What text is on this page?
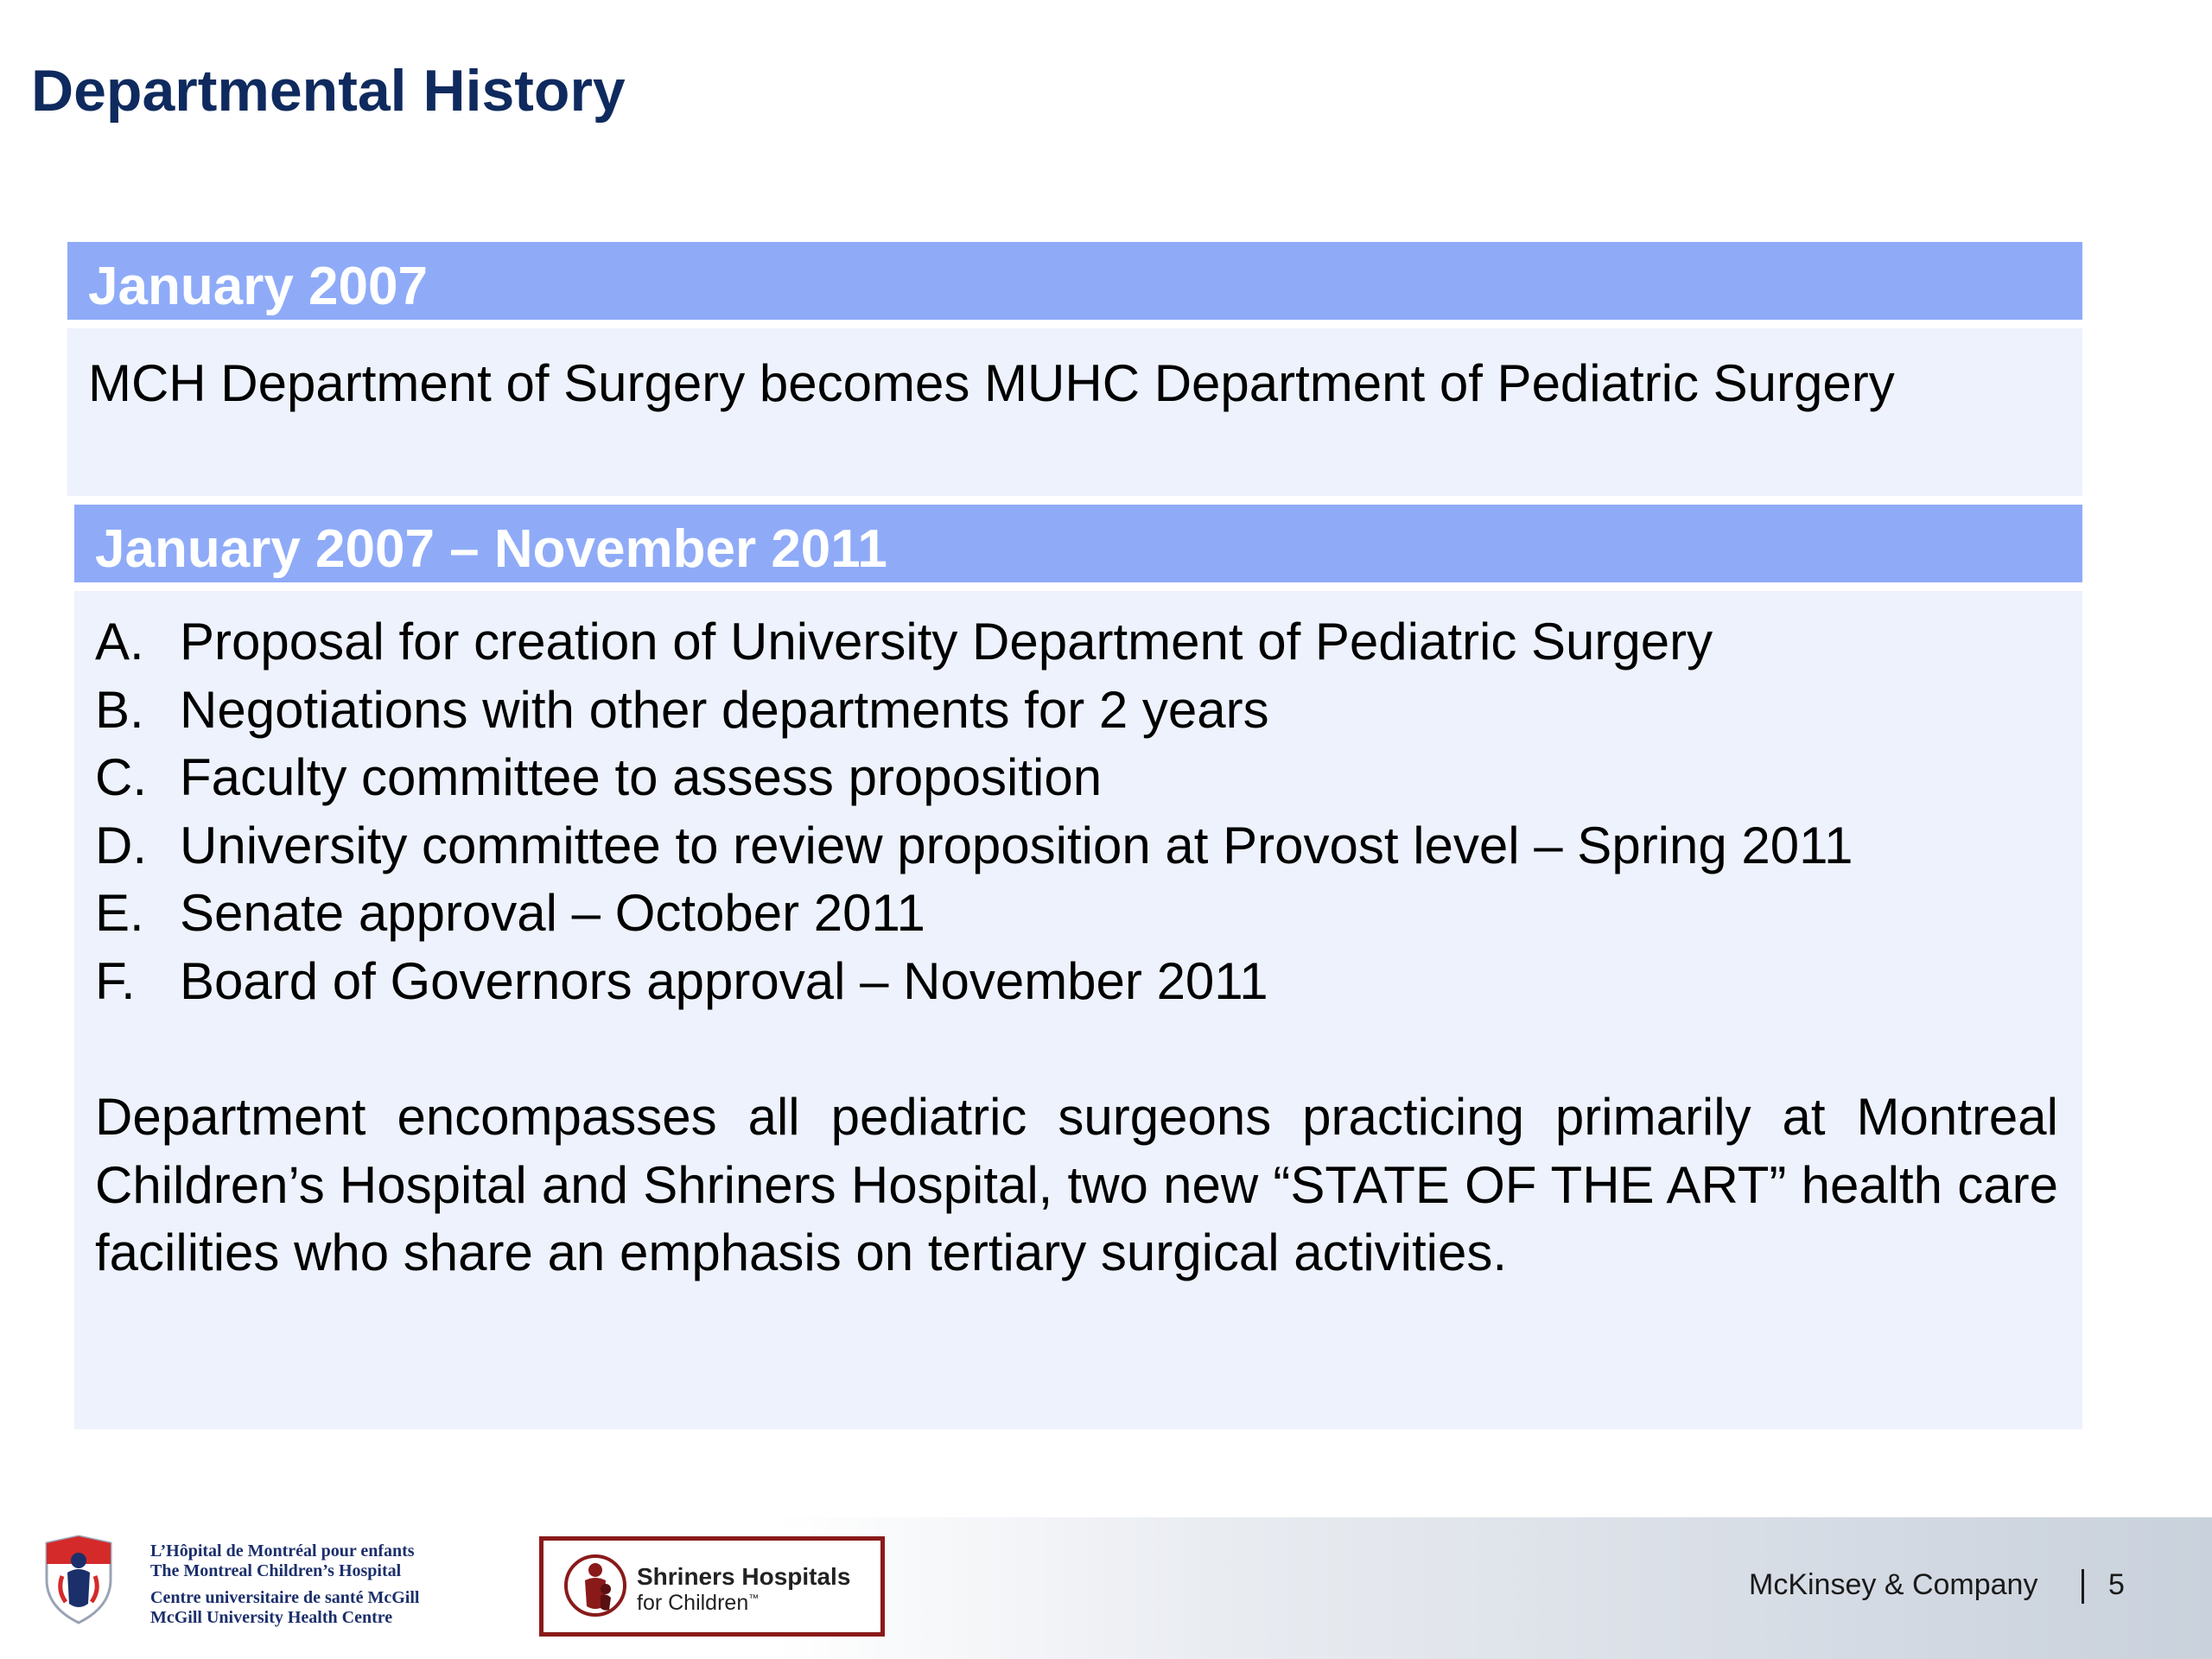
Departmental History
January 2007
MCH Department of Surgery becomes MUHC Department of Pediatric Surgery
January 2007 – November 2011
A. Proposal for creation of University Department of Pediatric Surgery
B. Negotiations with other departments for 2 years
C. Faculty committee to assess proposition
D. University committee to review proposition at Provost level – Spring 2011
E. Senate approval – October 2011
F. Board of Governors approval – November 2011
Department encompasses all pediatric surgeons practicing primarily at Montreal Children’s Hospital and Shriners Hospital, two new “STATE OF THE ART” health care facilities who share an emphasis on tertiary surgical activities.
L’Hôpital de Montréal pour enfants
The Montreal Children’s Hospital
Centre universitaire de santé McGill
McGill University Health Centre
Shriners Hospitals
for Children™	McKinsey & Company 5
